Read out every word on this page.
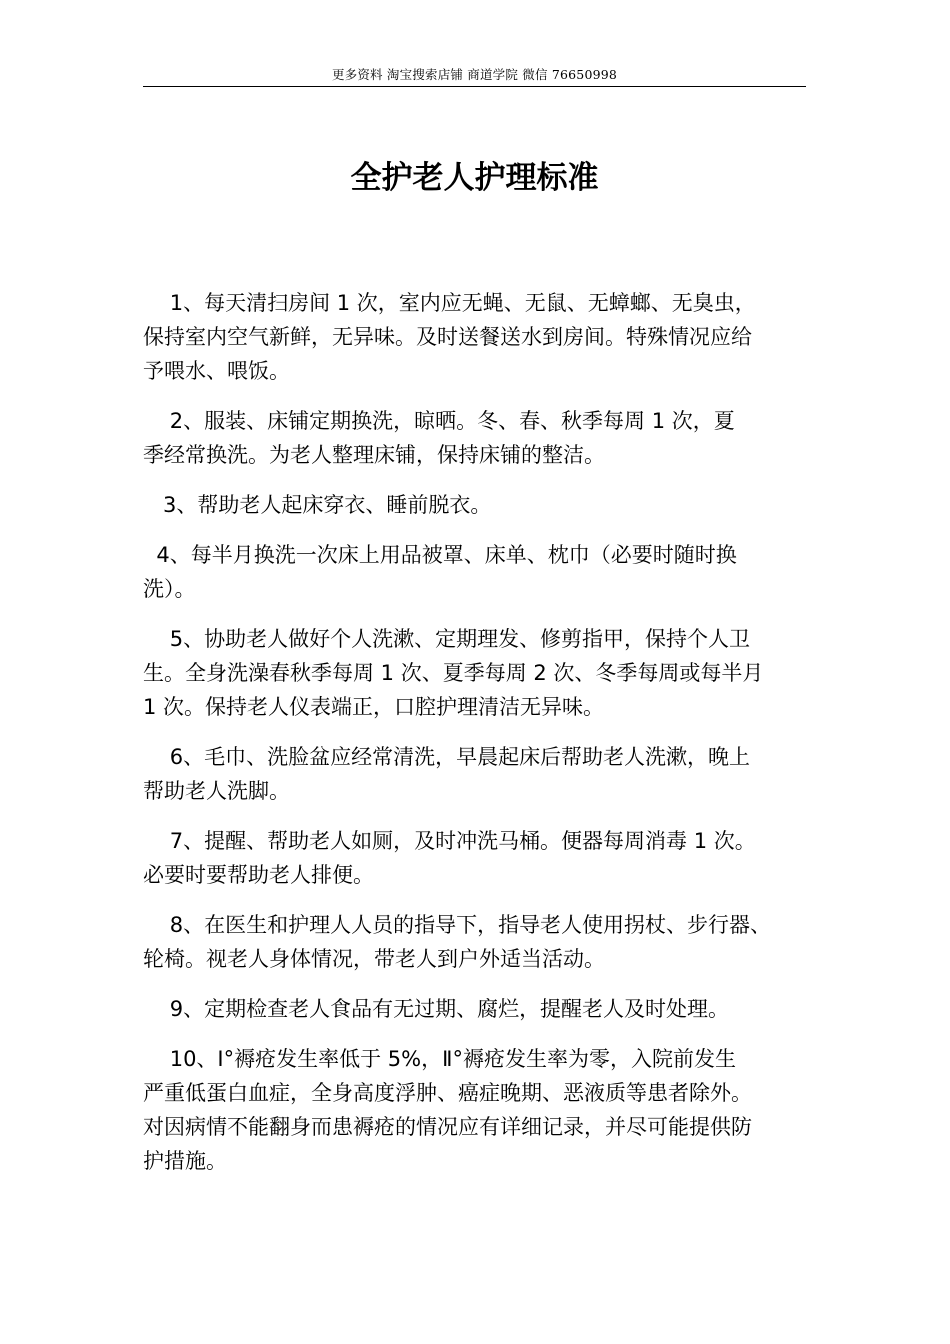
更多资料 淘宝搜索店铺 商道学院 微信 76650998
全护老人护理标准

1、每天清扫房间 1 次，室内应无蝇、无鼠、无蟑螂、无臭虫，
保持室内空气新鲜，无异味。及时送餐送水到房间。特殊情况应给
予喂水、喂饭。

2、服装、床铺定期换洗，晾晒。冬、春、秋季每周 1 次，夏
季经常换洗。为老人整理床铺，保持床铺的整洁。

3、帮助老人起床穿衣、睡前脱衣。

4、每半月换洗一次床上用品被罩、床单、枕巾（必要时随时换
洗）。

5、协助老人做好个人洗漱、定期理发、修剪指甲，保持个人卫
生。全身洗澡春秋季每周 1 次、夏季每周 2 次、冬季每周或每半月
1 次。保持老人仪表端正，口腔护理清洁无异味。

6、毛巾、洗脸盆应经常清洗，早晨起床后帮助老人洗漱，晚上
帮助老人洗脚。

7、提醒、帮助老人如厕，及时冲洗马桶。便器每周消毒 1 次。
必要时要帮助老人排便。

8、在医生和护理人人员的指导下，指导老人使用拐杖、步行器、
轮椅。视老人身体情况，带老人到户外适当活动。

9、定期检查老人食品有无过期、腐烂，提醒老人及时处理。

10、I°褥疮发生率低于 5%，Ⅱ°褥疮发生率为零，入院前发生
严重低蛋白血症，全身高度浮肿、癌症晚期、恶液质等患者除外。
对因病情不能翻身而患褥疮的情况应有详细记录，并尽可能提供防
护措施。
